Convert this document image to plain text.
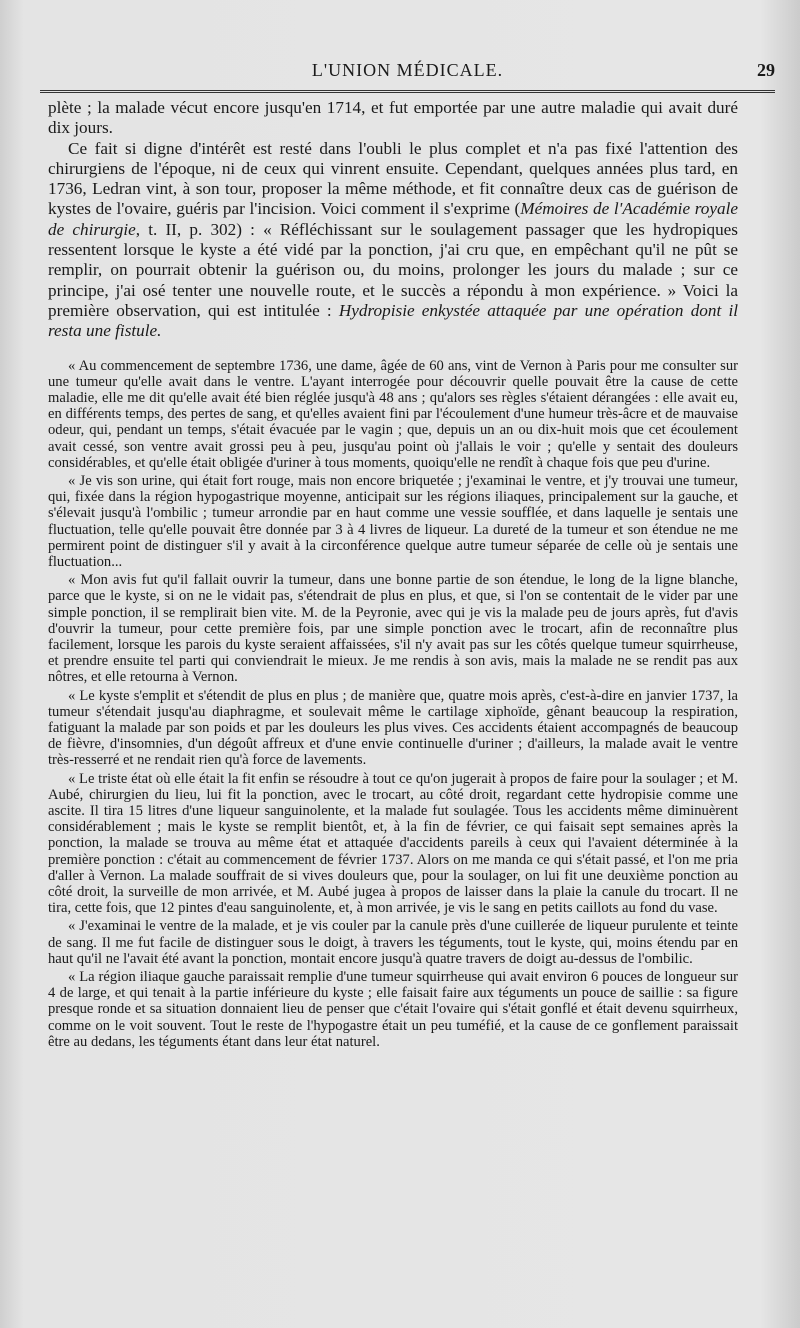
L'UNION MÉDICALE.	29

plète ; la malade vécut encore jusqu'en 1714, et fut emportée par une autre maladie qui avait duré dix jours.

Ce fait si digne d'intérêt est resté dans l'oubli le plus complet et n'a pas fixé l'attention des chirurgiens de l'époque, ni de ceux qui vinrent ensuite. Cependant, quelques années plus tard, en 1736, Ledran vint, à son tour, proposer la même méthode, et fit connaître deux cas de guérison de kystes de l'ovaire, guéris par l'incision. Voici comment il s'exprime (Mémoires de l'Académie royale de chirurgie, t. II, p. 302) : « Réfléchissant sur le soulagement passager que les hydropiques ressentent lorsque le kyste a été vidé par la ponction, j'ai cru que, en empêchant qu'il ne pût se remplir, on pourrait obtenir la guérison ou, du moins, prolonger les jours du malade ; sur ce principe, j'ai osé tenter une nouvelle route, et le succès a répondu à mon expérience. » Voici la première observation, qui est intitulée : Hydropisie enkystée attaquée par une opération dont il resta une fistule.

« Au commencement de septembre 1736, une dame, âgée de 60 ans, vint de Vernon à Paris pour me consulter sur une tumeur qu'elle avait dans le ventre. L'ayant interrogée pour découvrir quelle pouvait être la cause de cette maladie, elle me dit qu'elle avait été bien réglée jusqu'à 48 ans ; qu'alors ses règles s'étaient dérangées : elle avait eu, en différents temps, des pertes de sang, et qu'elles avaient fini par l'écoulement d'une humeur très-âcre et de mauvaise odeur, qui, pendant un temps, s'était évacuée par le vagin ; que, depuis un an ou dix-huit mois que cet écoulement avait cessé, son ventre avait grossi peu à peu, jusqu'au point où j'allais le voir ; qu'elle y sentait des douleurs considérables, et qu'elle était obligée d'uriner à tous moments, quoiqu'elle ne rendît à chaque fois que peu d'urine.

« Je vis son urine, qui était fort rouge, mais non encore briquetée ; j'examinai le ventre, et j'y trouvai une tumeur, qui, fixée dans la région hypogastrique moyenne, anticipait sur les régions iliaques, principalement sur la gauche, et s'élevait jusqu'à l'ombilic ; tumeur arrondie par en haut comme une vessie soufflée, et dans laquelle je sentais une fluctuation, telle qu'elle pouvait être donnée par 3 à 4 livres de liqueur. La dureté de la tumeur et son étendue ne me permirent point de distinguer s'il y avait à la circonférence quelque autre tumeur séparée de celle où je sentais une fluctuation...

« Mon avis fut qu'il fallait ouvrir la tumeur, dans une bonne partie de son étendue, le long de la ligne blanche, parce que le kyste, si on ne le vidait pas, s'étendrait de plus en plus, et que, si l'on se contentait de le vider par une simple ponction, il se remplirait bien vite. M. de la Peyronie, avec qui je vis la malade peu de jours après, fut d'avis d'ouvrir la tumeur, pour cette première fois, par une simple ponction avec le trocart, afin de reconnaître plus facilement, lorsque les parois du kyste seraient affaissées, s'il n'y avait pas sur les côtés quelque tumeur squirrheuse, et prendre ensuite tel parti qui conviendrait le mieux. Je me rendis à son avis, mais la malade ne se rendit pas aux nôtres, et elle retourna à Vernon.

« Le kyste s'emplit et s'étendit de plus en plus ; de manière que, quatre mois après, c'est-à-dire en janvier 1737, la tumeur s'étendait jusqu'au diaphragme, et soulevait même le cartilage xiphoïde, gênant beaucoup la respiration, fatiguant la malade par son poids et par les douleurs les plus vives. Ces accidents étaient accompagnés de beaucoup de fièvre, d'insomnies, d'un dégoût affreux et d'une envie continuelle d'uriner ; d'ailleurs, la malade avait le ventre très-resserré et ne rendait rien qu'à force de lavements.

« Le triste état où elle était la fit enfin se résoudre à tout ce qu'on jugerait à propos de faire pour la soulager ; et M. Aubé, chirurgien du lieu, lui fit la ponction, avec le trocart, au côté droit, regardant cette hydropisie comme une ascite. Il tira 15 litres d'une liqueur sanguinolente, et la malade fut soulagée. Tous les accidents même diminuèrent considérablement ; mais le kyste se remplit bientôt, et, à la fin de février, ce qui faisait sept semaines après la ponction, la malade se trouva au même état et attaquée d'accidents pareils à ceux qui l'avaient déterminée à la première ponction : c'était au commencement de février 1737. Alors on me manda ce qui s'était passé, et l'on me pria d'aller à Vernon. La malade souffrait de si vives douleurs que, pour la soulager, on lui fit une deuxième ponction au côté droit, la surveille de mon arrivée, et M. Aubé jugea à propos de laisser dans la plaie la canule du trocart. Il ne tira, cette fois, que 12 pintes d'eau sanguinolente, et, à mon arrivée, je vis le sang en petits caillots au fond du vase.

« J'examinai le ventre de la malade, et je vis couler par la canule près d'une cuillerée de liqueur purulente et teinte de sang. Il me fut facile de distinguer sous le doigt, à travers les téguments, tout le kyste, qui, moins étendu par en haut qu'il ne l'avait été avant la ponction, montait encore jusqu'à quatre travers de doigt au-dessus de l'ombilic.

« La région iliaque gauche paraissait remplie d'une tumeur squirrheuse qui avait environ 6 pouces de longueur sur 4 de large, et qui tenait à la partie inférieure du kyste ; elle faisait faire aux téguments un pouce de saillie : sa figure presque ronde et sa situation donnaient lieu de penser que c'était l'ovaire qui s'était gonflé et était devenu squirrheux, comme on le voit souvent. Tout le reste de l'hypogastre était un peu tuméfié, et la cause de ce gonflement paraissait être au dedans, les téguments étant dans leur état naturel.
